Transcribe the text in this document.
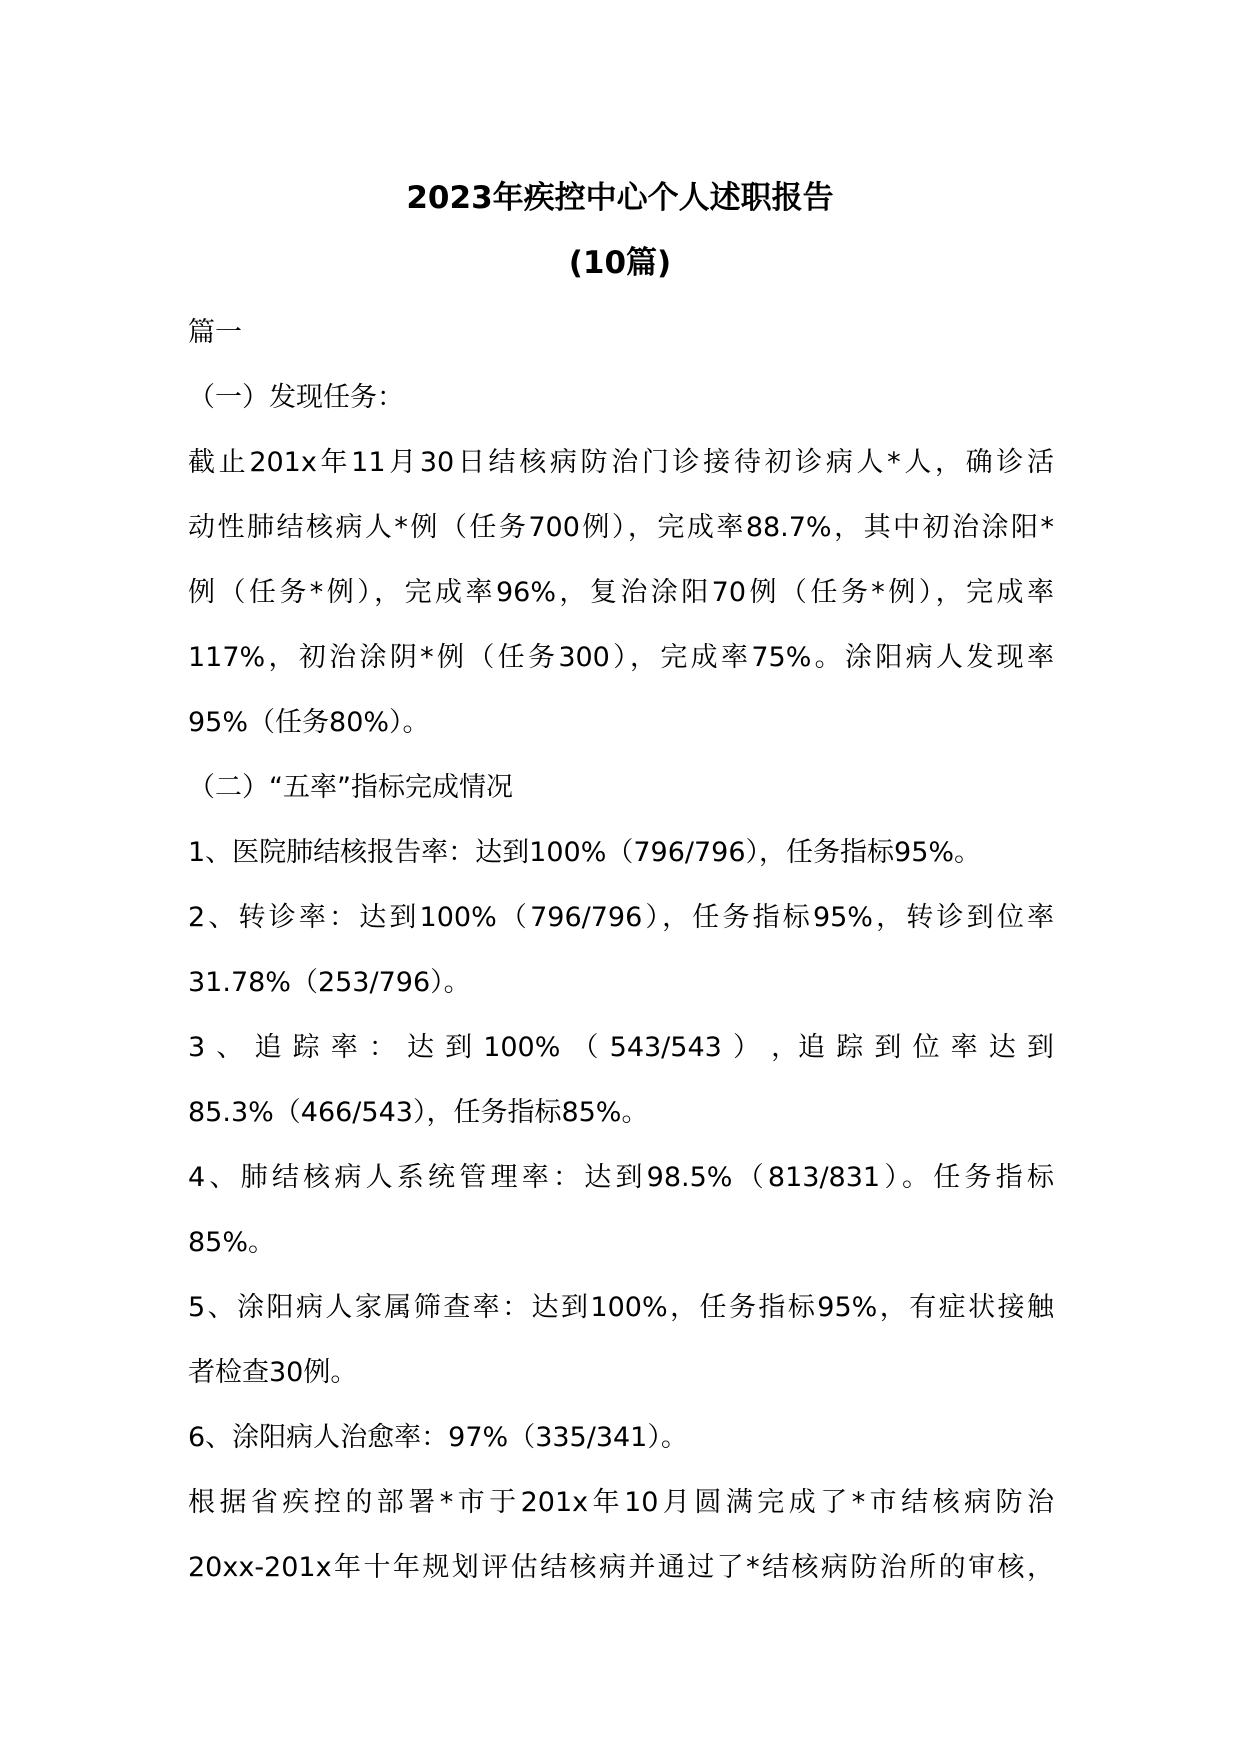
2023年疾控中心个人述职报告
(10篇)

篇一

（一）发现任务：

截止201x年11月30日结核病防治门诊接待初诊病人*人，确诊活

动性肺结核病人*例（任务700例），完成率88.7%，其中初治涂阳*

例（任务*例），完成率96%，复治涂阳70例（任务*例），完成率

117%，初治涂阴*例（任务300），完成率75%。涂阳病人发现率

95%（任务80%）。

（二）“五率”指标完成情况

1、医院肺结核报告率：达到100%（796/796），任务指标95%。

2、转诊率：达到100%（796/796），任务指标95%，转诊到位率

31.78%（253/796）。

3 、 追 踪 率 ： 达 到 100% （ 543/543 ） ，追 踪 到 位 率 达 到

85.3%（466/543），任务指标85%。

4、肺结核病人系统管理率：达到98.5%（813/831）。任务指标

85%。

5、涂阳病人家属筛查率：达到100%，任务指标95%，有症状接触

者检查30例。

6、涂阳病人治愈率：97%（335/341）。

根据省疾控的部署*市于201x年10月圆满完成了*市结核病防治

20xx-201x年十年规划评估结核病并通过了*结核病防治所的审核，
